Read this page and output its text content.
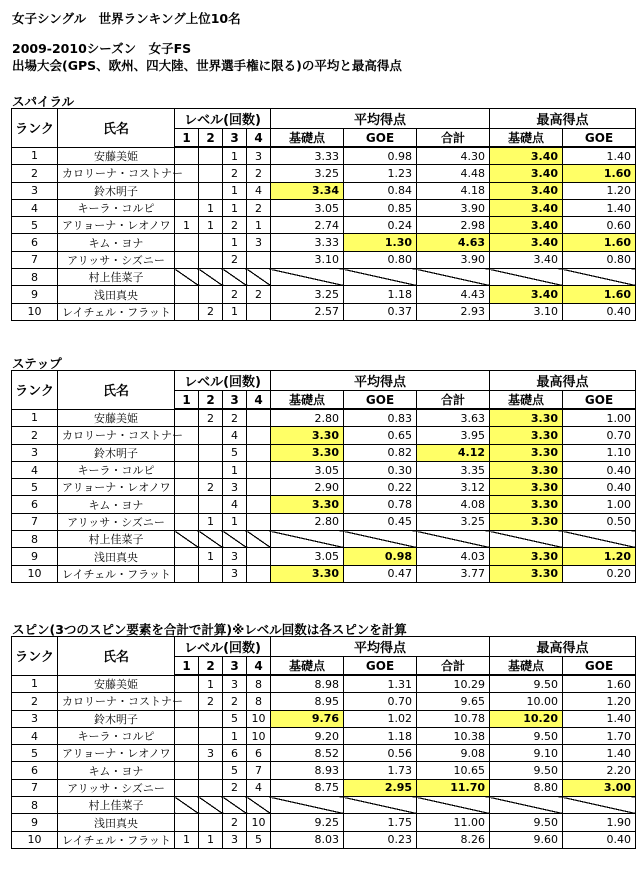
女子シングル　世界ランキング上位10名
2009-2010シーズン　女子FS
出場大会(GPS、欧州、四大陸、世界選手権に限る)の平均と最高得点
スパイラル
ランク	氏名	レベル(回数)				平均得点			最高得点	
		1	2	3	4	基礎点	GOE	合計	基礎点	GOE
1	安藤美姫			1	3	3.33	0.98	4.30	3.40	1.40
2	カロリーナ・コストナー			2	2	3.25	1.23	4.48	3.40	1.60
3	鈴木明子			1	4	3.34	0.84	4.18	3.40	1.20
4	キーラ・コルピ		1	1	2	3.05	0.85	3.90	3.40	1.40
5	アリョーナ・レオノワ	1	1	2	1	2.74	0.24	2.98	3.40	0.60
6	キム・ヨナ			1	3	3.33	1.30	4.63	3.40	1.60
7	アリッサ・シズニー			2		3.10	0.80	3.90	3.40	0.80
8	村上佳菜子									
9	浅田真央			2	2	3.25	1.18	4.43	3.40	1.60
10	レイチェル・フラット		2	1		2.57	0.37	2.93	3.10	0.40
ステップ
ランク	氏名	レベル(回数)				平均得点			最高得点	
		1	2	3	4	基礎点	GOE	合計	基礎点	GOE
1	安藤美姫		2	2		2.80	0.83	3.63	3.30	1.00
2	カロリーナ・コストナー			4		3.30	0.65	3.95	3.30	0.70
3	鈴木明子			5		3.30	0.82	4.12	3.30	1.10
4	キーラ・コルピ			1		3.05	0.30	3.35	3.30	0.40
5	アリョーナ・レオノワ		2	3		2.90	0.22	3.12	3.30	0.40
6	キム・ヨナ			4		3.30	0.78	4.08	3.30	1.00
7	アリッサ・シズニー		1	1		2.80	0.45	3.25	3.30	0.50
8	村上佳菜子									
9	浅田真央		1	3		3.05	0.98	4.03	3.30	1.20
10	レイチェル・フラット			3		3.30	0.47	3.77	3.30	0.20
スピン(3つのスピン要素を合計で計算)※レベル回数は各スピンを計算
ランク	氏名	レベル(回数)				平均得点			最高得点	
		1	2	3	4	基礎点	GOE	合計	基礎点	GOE
1	安藤美姫		1	3	8	8.98	1.31	10.29	9.50	1.60
2	カロリーナ・コストナー		2	2	8	8.95	0.70	9.65	10.00	1.20
3	鈴木明子			5	10	9.76	1.02	10.78	10.20	1.40
4	キーラ・コルピ			1	10	9.20	1.18	10.38	9.50	1.70
5	アリョーナ・レオノワ		3	6	6	8.52	0.56	9.08	9.10	1.40
6	キム・ヨナ			5	7	8.93	1.73	10.65	9.50	2.20
7	アリッサ・シズニー			2	4	8.75	2.95	11.70	8.80	3.00
8	村上佳菜子									
9	浅田真央			2	10	9.25	1.75	11.00	9.50	1.90
10	レイチェル・フラット	1	1	3	5	8.03	0.23	8.26	9.60	0.40
